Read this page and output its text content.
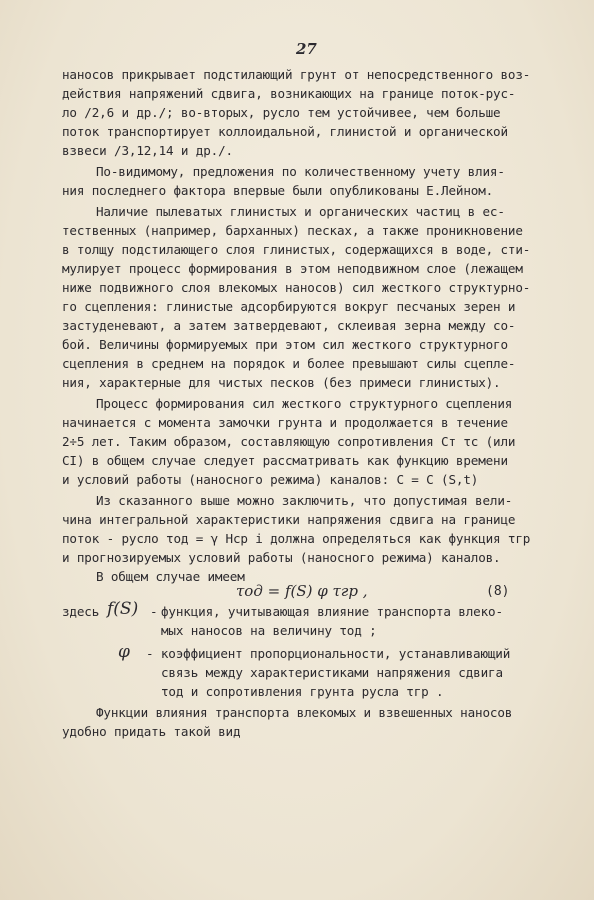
27
наносов прикрывает подстилающий грунт от непосредственного воз-
действия напряжений сдвига, возникающих на границе поток-рус-
ло /2,6 и др./; во-вторых, русло тем устойчивее, чем больше
поток транспортирует коллоидальной, глинистой и органической
взвеси /3,12,14 и др./.
По-видимому, предложения по количественному учету влия-
ния последнего фактора впервые были опубликованы Е.Лейном.
Наличие пылеватых глинистых и органических частиц в ес-
тественных (например, барханных) песках, а также проникновение
в толщу подстилающего слоя глинистых, содержащихся в воде, сти-
мулирует процесс формирования в этом неподвижном слое (лежащем
ниже подвижного слоя влекомых наносов) сил жесткого структурно-
го сцепления: глинистые адсорбируются вокруг песчаных зерен и
застуденевают, а затем затвердевают, склеивая зерна между со-
бой. Величины формируемых при этом сил жесткого структурного
сцепления в среднем на порядок и более превышают силы сцепле-
ния, характерные для чистых песков (без примеси глинистых).
Процесс формирования сил жесткого структурного сцепления
начинается с момента замочки грунта и продолжается в течение
2÷5 лет. Таким образом, составляющую сопротивления Cт τс (или
CI) в общем случае следует рассматривать как функцию времени
и условий работы (наносного режима) каналов: C = C (S,t)
Из сказанного выше можно заключить, что допустимая вели-
чина интегральной характеристики напряжения сдвига на границе
поток - русло τод = γ Hср i должна определяться как функция τгр
и прогнозируемых условий работы (наносного режима) каналов.
В общем случае имеем
τод = f(S) φ τгр ,	(8)
здесь f(S) - функция, учитывающая влияние транспорта влеко-
мых наносов на величину τод ;
φ - коэффициент пропорциональности, устанавливающий
связь между характеристиками напряжения сдвига
τод и сопротивления грунта русла τгр .
Функции влияния транспорта влекомых и взвешенных наносов
удобно придать такой вид
